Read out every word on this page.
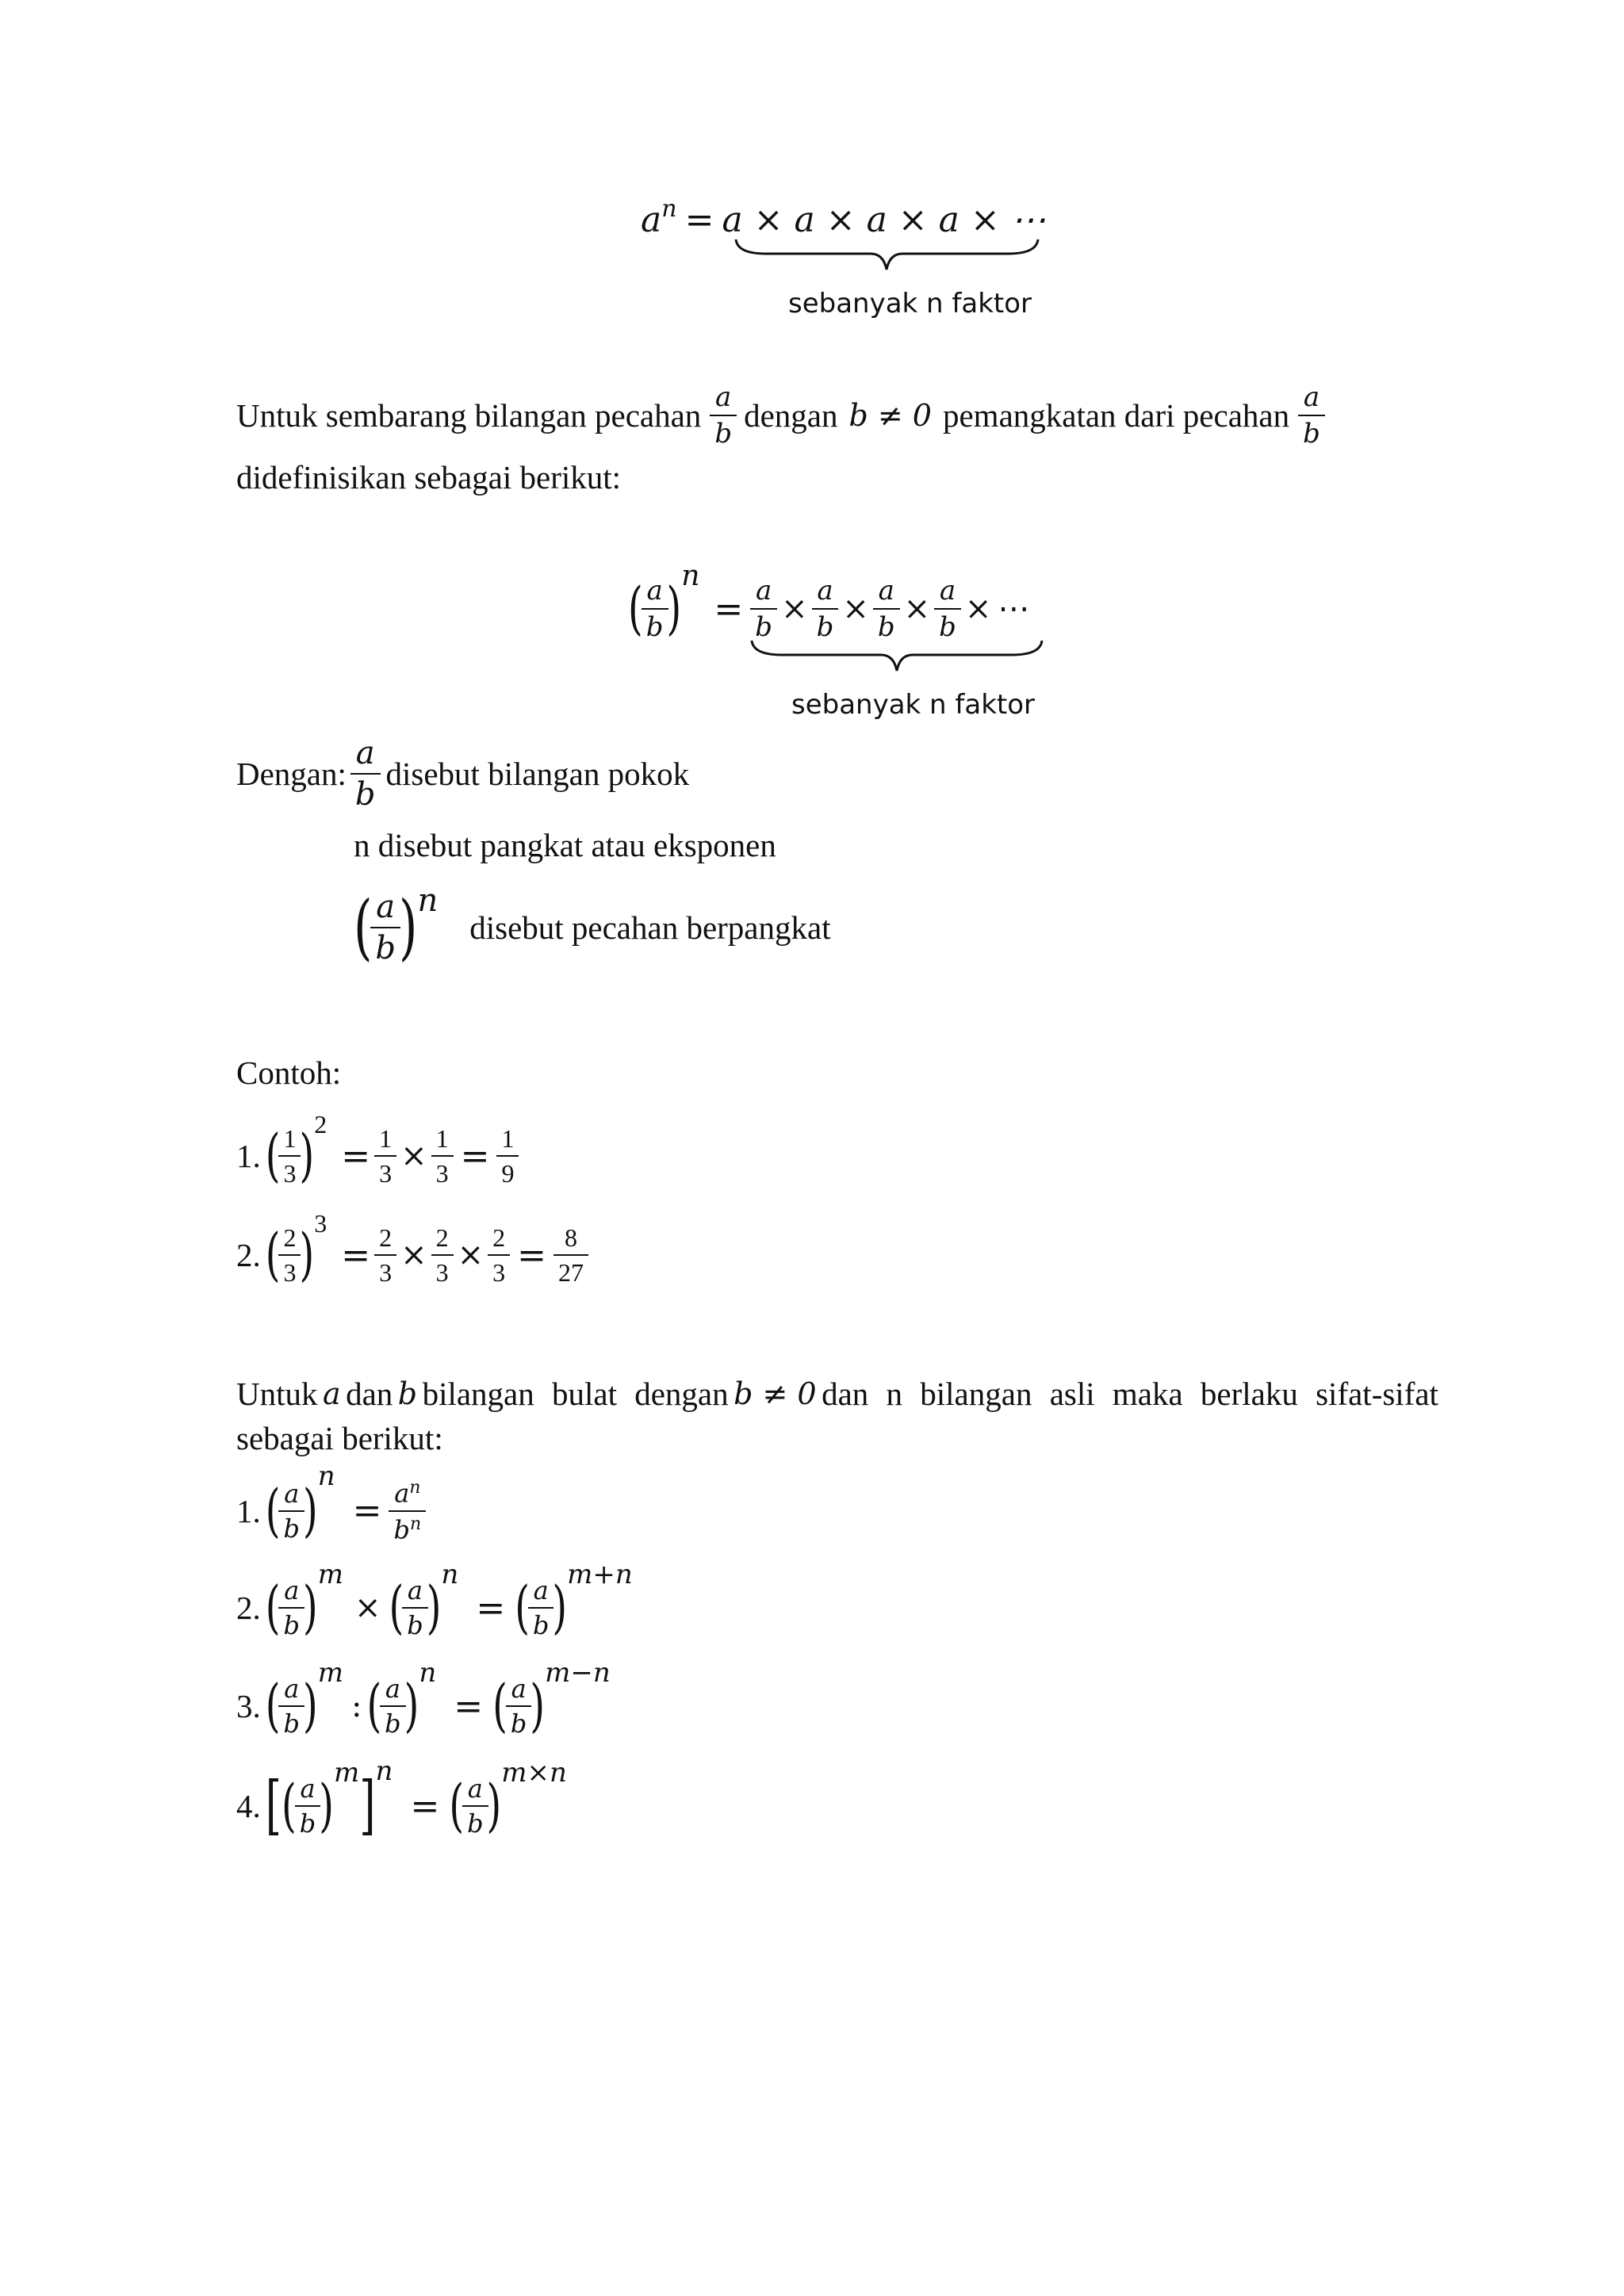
a n = a × a × a × a × ⋯
sebanyak n faktor
Untuk sembarang bilangan pecahan $\frac{a}{b}$ dengan b ≠ 0 pemangkatan dari pecahan $\frac{a}{b}$
didefinisikan sebagai berikut:
( $\frac{a}{b}$ ) n
= $\frac{a}{b} \times \frac{a}{b} \times \frac{a}{b} \times \frac{a}{b}$ × ⋯
sebanyak n faktor
Dengan: $\frac{a}{b}$ disebut bilangan pokok
n disebut pangkat atau eksponen
( $\frac{a}{b}$ ) n
disebut pecahan berpangkat
Contoh:
1. ( $\frac{1}{3}$ ) 2
= $\frac{1}{3} \times \frac{1}{3} = \frac{1}{9}$
2. ( $\frac{2}{3}$ ) 3
= $\frac{2}{3} \times \frac{2}{3} \times \frac{2}{3} = \frac{8}{27}$
Untuk a dan b bilangan bulat dengan b ≠ 0 dan n bilangan asli maka berlaku sifat-sifat
sebagai berikut:
1. ( $\frac{a}{b}$ )
n
= $\frac{a^n}{b^n}$
2. ( $\frac{a}{b}$ ) m
× ( $\frac{a}{b}$ ) n
= ( $\frac{a}{b}$ ) m+n
3. ( $\frac{a}{b}$ ) m
: ( $\frac{a}{b}$ ) n
= ( $\frac{a}{b}$ ) m−n
4. [ ( $\frac{a}{b}$ ) m ] n
= ( $\frac{a}{b}$ ) m×n
